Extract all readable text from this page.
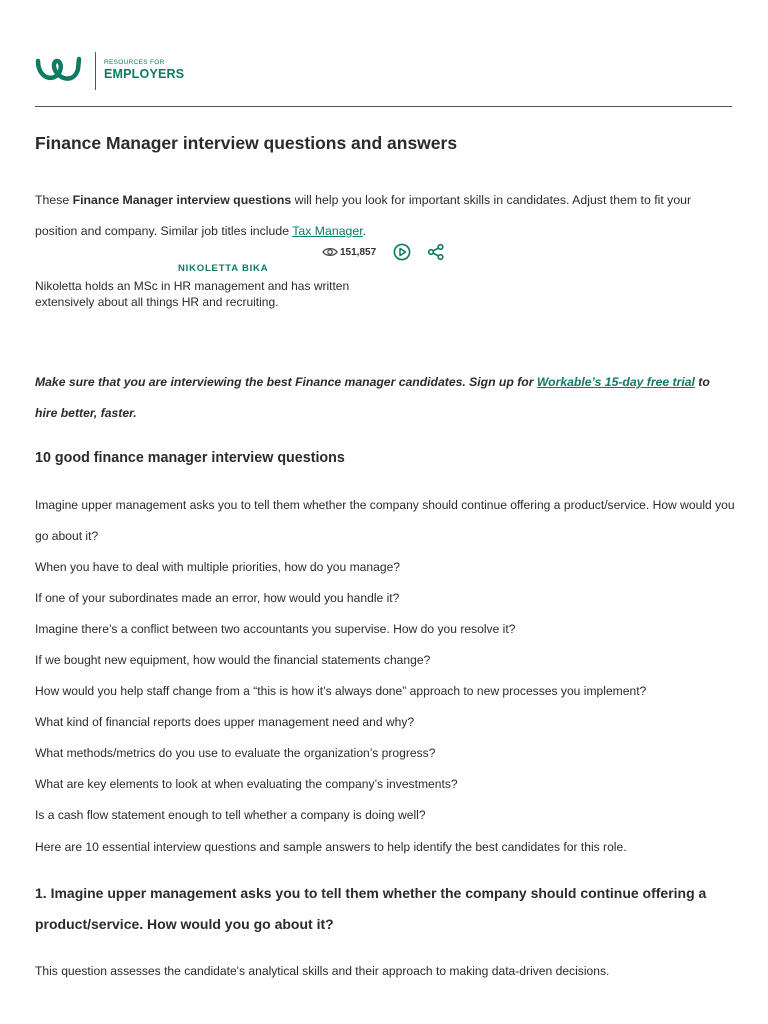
RESOURCES FOR
EMPLOYERS
Finance Manager interview questions and answers

These Finance Manager interview questions will help you look for important skills in candidates. Adjust them to fit your position and company. Similar job titles include Tax Manager.

151,857
NIKOLETTA BIKA

Nikoletta holds an MSc in HR management and has written extensively about all things HR and recruiting.

Make sure that you are interviewing the best Finance manager candidates. Sign up for Workable’s 15-day free trial to hire better, faster.

10 good finance manager interview questions
Imagine upper management asks you to tell them whether the company should continue offering a product/service. How would you go about it?
When you have to deal with multiple priorities, how do you manage?
If one of your subordinates made an error, how would you handle it?
Imagine there’s a conflict between two accountants you supervise. How do you resolve it?
If we bought new equipment, how would the financial statements change?
How would you help staff change from a “this is how it’s always done” approach to new processes you implement?
What kind of financial reports does upper management need and why?
What methods/metrics do you use to evaluate the organization’s progress?
What are key elements to look at when evaluating the company’s investments?
Is a cash flow statement enough to tell whether a company is doing well?

Here are 10 essential interview questions and sample answers to help identify the best candidates for this role.

1. Imagine upper management asks you to tell them whether the company should continue offering a product/service. How would you go about it?

This question assesses the candidate's analytical skills and their approach to making data-driven decisions.
